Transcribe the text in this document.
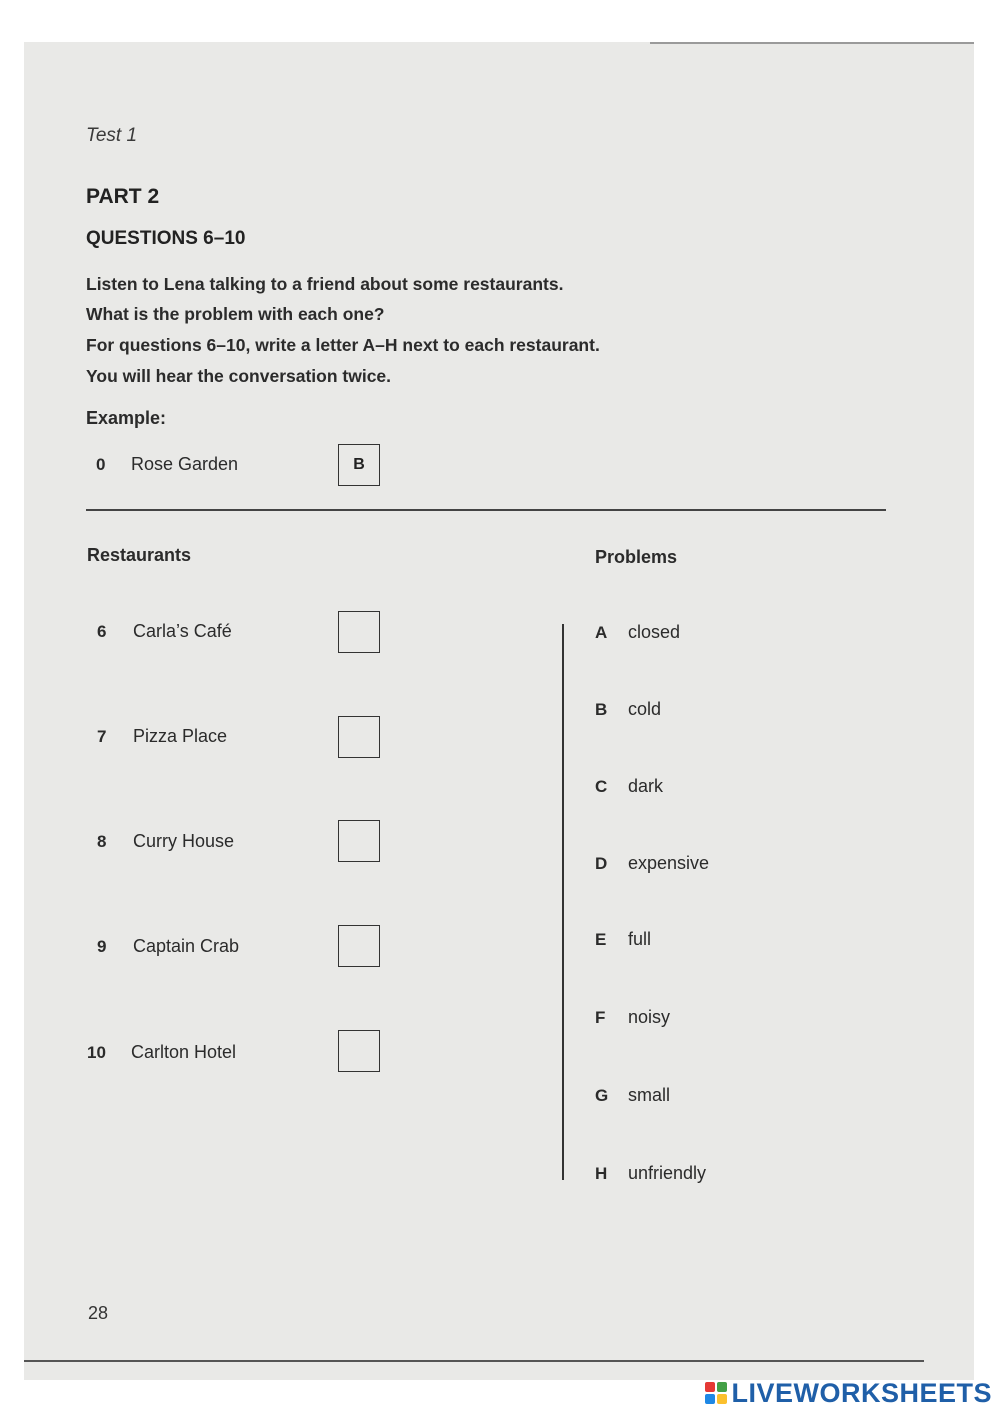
Test 1
PART 2
QUESTIONS 6–10
Listen to Lena talking to a friend about some restaurants.
What is the problem with each one?
For questions 6–10, write a letter A–H next to each restaurant.
You will hear the conversation twice.
Example:
0 Rose Garden	B
Restaurants	Problems
6 Carla’s Café
7 Pizza Place
8 Curry House
9 Captain Crab
10 Carlton Hotel
A closed
B cold
C dark
D expensive
E full
F noisy
G small
H unfriendly
28
LIVEWORKSHEETS
